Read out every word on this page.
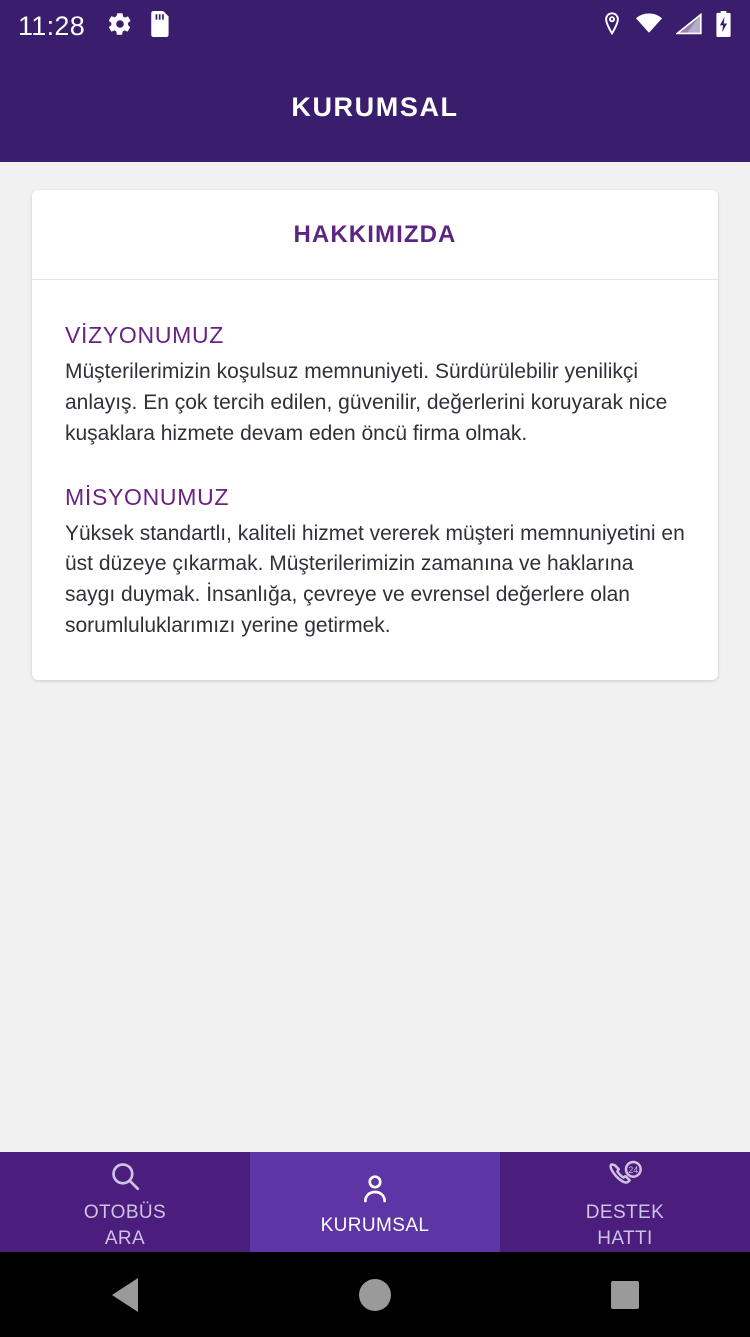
11:28
KURUMSAL
HAKKIMIZDA
VİZYONUMUZ
Müşterilerimizin koşulsuz memnuniyeti. Sürdürülebilir yenilikçi anlayış. En çok tercih edilen, güvenilir, değerlerini koruyarak nice kuşaklara hizmete devam eden öncü firma olmak.
MİSYONUMUZ
Yüksek standartlı, kaliteli hizmet vererek müşteri memnuniyetini en üst düzeye çıkarmak. Müşterilerimizin zamanına ve haklarına saygı duymak. İnsanlığa, çevreye ve evrensel değerlere olan sorumluluklarımızı yerine getirmek.
OTOBÜS
ARA
KURUMSAL
24
DESTEK
HATTI
